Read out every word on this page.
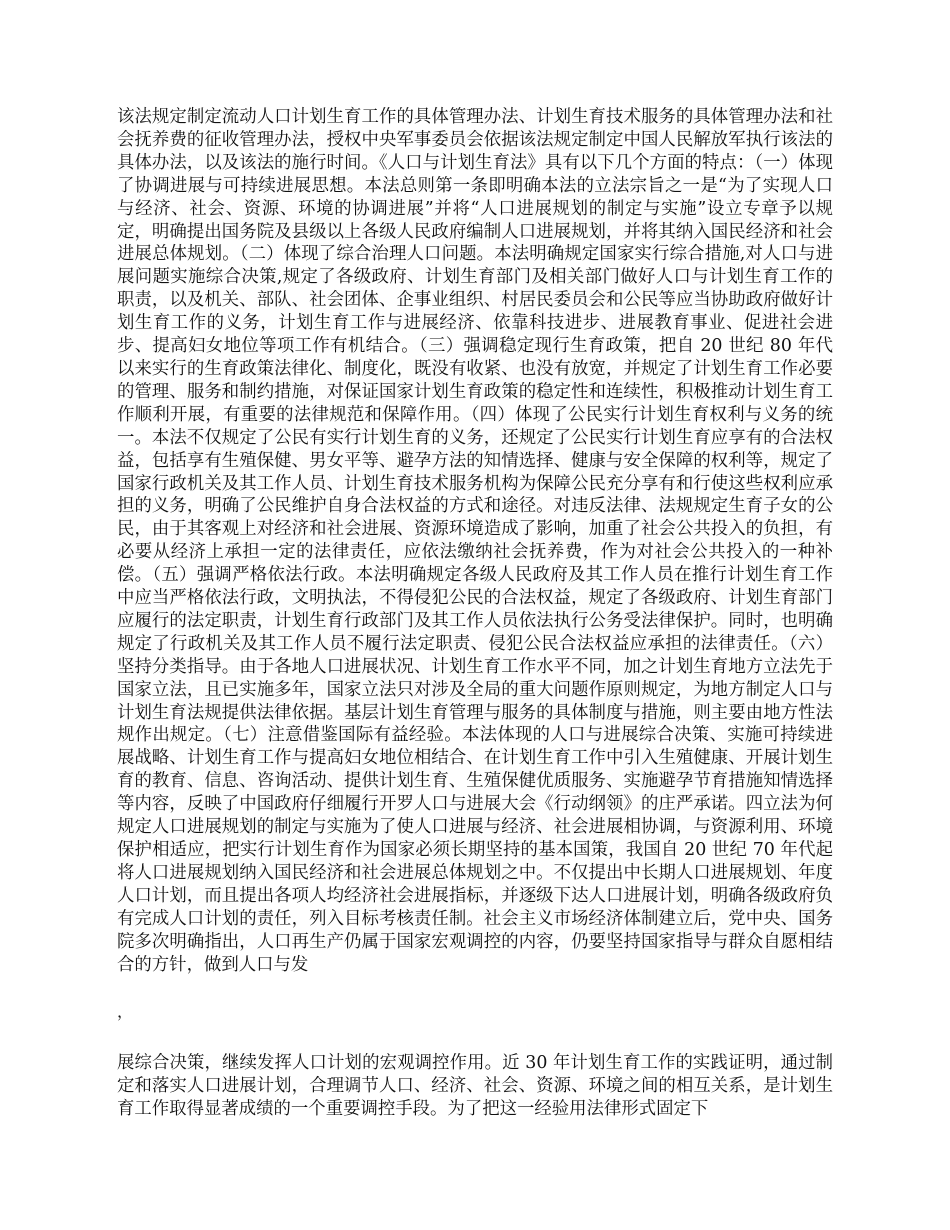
该法规定制定流动人口计划生育工作的具体管理办法、计划生育技术服务的具体管理办法和社会抚养费的征收管理办法，授权中央军事委员会依据该法规定制定中国人民解放军执行该法的具体办法，以及该法的施行时间。《人口与计划生育法》具有以下几个方面的特点：（一）体现了协调进展与可持续进展思想。本法总则第一条即明确本法的立法宗旨之一是“为了实现人口与经济、社会、资源、环境的协调进展”并将“人口进展规划的制定与实施”设立专章予以规定，明确提出国务院及县级以上各级人民政府编制人口进展规划，并将其纳入国民经济和社会进展总体规划。（二）体现了综合治理人口问题。本法明确规定国家实行综合措施,对人口与进展问题实施综合决策,规定了各级政府、计划生育部门及相关部门做好人口与计划生育工作的职责，以及机关、部队、社会团体、企事业组织、村居民委员会和公民等应当协助政府做好计划生育工作的义务，计划生育工作与进展经济、依靠科技进步、进展教育事业、促进社会进步、提高妇女地位等项工作有机结合。（三）强调稳定现行生育政策，把自 20 世纪 80 年代以来实行的生育政策法律化、制度化，既没有收紧、也没有放宽，并规定了计划生育工作必要的管理、服务和制约措施，对保证国家计划生育政策的稳定性和连续性，积极推动计划生育工作顺利开展，有重要的法律规范和保障作用。（四）体现了公民实行计划生育权利与义务的统一。本法不仅规定了公民有实行计划生育的义务，还规定了公民实行计划生育应享有的合法权益，包括享有生殖保健、男女平等、避孕方法的知情选择、健康与安全保障的权利等，规定了国家行政机关及其工作人员、计划生育技术服务机构为保障公民充分享有和行使这些权利应承担的义务，明确了公民维护自身合法权益的方式和途径。对违反法律、法规规定生育子女的公民，由于其客观上对经济和社会进展、资源环境造成了影响，加重了社会公共投入的负担，有必要从经济上承担一定的法律责任，应依法缴纳社会抚养费，作为对社会公共投入的一种补偿。（五）强调严格依法行政。本法明确规定各级人民政府及其工作人员在推行计划生育工作中应当严格依法行政，文明执法，不得侵犯公民的合法权益，规定了各级政府、计划生育部门应履行的法定职责，计划生育行政部门及其工作人员依法执行公务受法律保护。同时，也明确规定了行政机关及其工作人员不履行法定职责、侵犯公民合法权益应承担的法律责任。（六）坚持分类指导。由于各地人口进展状况、计划生育工作水平不同，加之计划生育地方立法先于国家立法，且已实施多年，国家立法只对涉及全局的重大问题作原则规定，为地方制定人口与计划生育法规提供法律依据。基层计划生育管理与服务的具体制度与措施，则主要由地方性法规作出规定。（七）注意借鉴国际有益经验。本法体现的人口与进展综合决策、实施可持续进展战略、计划生育工作与提高妇女地位相结合、在计划生育工作中引入生殖健康、开展计划生育的教育、信息、咨询活动、提供计划生育、生殖保健优质服务、实施避孕节育措施知情选择等内容，反映了中国政府仔细履行开罗人口与进展大会《行动纲领》的庄严承诺。四立法为何规定人口进展规划的制定与实施为了使人口进展与经济、社会进展相协调，与资源利用、环境保护相适应，把实行计划生育作为国家必须长期坚持的基本国策，我国自 20 世纪 70 年代起将人口进展规划纳入国民经济和社会进展总体规划之中。不仅提出中长期人口进展规划、年度人口计划，而且提出各项人均经济社会进展指标，并逐级下达人口进展计划，明确各级政府负有完成人口计划的责任，列入目标考核责任制。社会主义市场经济体制建立后，党中央、国务院多次明确指出，人口再生产仍属于国家宏观调控的内容，仍要坚持国家指导与群众自愿相结合的方针，做到人口与发

，

展综合决策，继续发挥人口计划的宏观调控作用。近 30 年计划生育工作的实践证明，通过制定和落实人口进展计划，合理调节人口、经济、社会、资源、环境之间的相互关系，是计划生育工作取得显著成绩的一个重要调控手段。为了把这一经验用法律形式固定下
